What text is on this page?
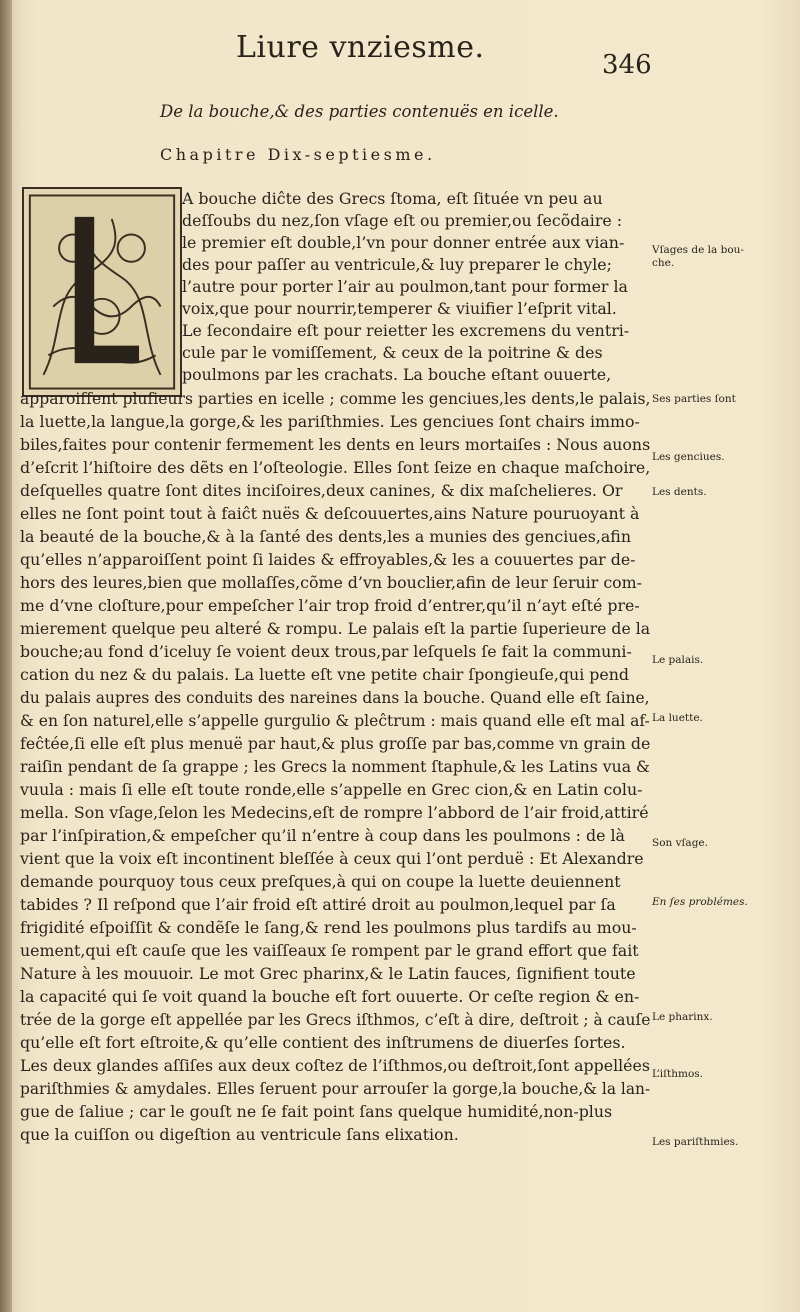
Liure vnziesme.	346
De la bouche,& des parties contenuës en icelle.
Chapitre Dix-septiesme.
A bouche diĉte des Grecs ſtoma, eſt ſituée vn peu au
deſſoubs du nez,ſon vſage eſt ou premier,ou ſecõdaire :
le premier eſt double,l’vn pour donner entrée aux vian-
des pour paſſer au ventricule,& luy preparer le chyle;
l’autre pour porter l’air au poulmon,tant pour former la
voix,que pour nourrir,temperer & viuifier l’eſprit vital.
Le ſecondaire eſt pour reietter les excremens du ventri-
cule par le vomiſſement, & ceux de la poitrine & des
poulmons par les crachats. La bouche eſtant ouuerte,
apparoiſſent pluſieurs parties en icelle ; comme les genciues,les dents,le palais,
la luette,la langue,la gorge,& les pariſthmies. Les genciues ſont chairs immo-
biles,faites pour contenir fermement les dents en leurs mortaiſes : Nous auons
d’eſcrit l’hiſtoire des dẽts en l’oſteologie. Elles ſont ſeize en chaque maſchoire,
deſquelles quatre ſont dites inciſoires,deux canines, & dix maſchelieres. Or
elles ne ſont point tout à faiĉt nuës & deſcouuertes,ains Nature pouruoyant à
la beauté de la bouche,& à la ſanté des dents,les a munies des genciues,afin
qu’elles n’apparoiſſent point ſi laides & effroyables,& les a couuertes par de-
hors des leures,bien que mollaſſes,cõme d’vn bouclier,afin de leur ſeruir com-
me d’vne cloſture,pour empeſcher l’air trop froid d’entrer,qu’il n’ayt eſté pre-
mierement quelque peu alteré & rompu. Le palais eſt la partie ſuperieure de la
bouche;au fond d’iceluy ſe voient deux trous,par leſquels ſe fait la communi-
cation du nez & du palais. La luette eſt vne petite chair ſpongieuſe,qui pend
du palais aupres des conduits des nareines dans la bouche. Quand elle eſt ſaine,
& en ſon naturel,elle s’appelle gurgulio & pleĉtrum : mais quand elle eſt mal af-
feĉtée,ſi elle eſt plus menuë par haut,& plus groſſe par bas,comme vn grain de
raiſin pendant de ſa grappe ; les Grecs la nomment ſtaphule,& les Latins vua &
vuula : mais ſi elle eſt toute ronde,elle s’appelle en Grec cion,& en Latin colu-
mella. Son vſage,ſelon les Medecins,eſt de rompre l’abbord de l’air froid,attiré
par l’inſpiration,& empeſcher qu’il n’entre à coup dans les poulmons : de là
vient que la voix eſt incontinent bleſſée à ceux qui l’ont perduë : Et Alexandre
demande pourquoy tous ceux preſques,à qui on coupe la luette deuiennent
tabides ? Il reſpond que l’air froid eſt attiré droit au poulmon,lequel par ſa
frigidité eſpoiſſit & condẽſe le ſang,& rend les poulmons plus tardifs au mou-
uement,qui eſt cauſe que les vaiſſeaux ſe rompent par le grand effort que fait
Nature à les mouuoir. Le mot Grec pharinx,& le Latin fauces, ſignifient toute
la capacité qui ſe voit quand la bouche eſt fort ouuerte. Or ceſte region & en-
trée de la gorge eſt appellée par les Grecs iſthmos, c’eſt à dire, deſtroit ; à cauſe
qu’elle eſt fort eſtroite,& qu’elle contient des inſtrumens de diuerſes ſortes.
Les deux glandes aſſiſes aux deux coſtez de l’iſthmos,ou deſtroit,ſont appellées
pariſthmies & amydales. Elles ſeruent pour arrouſer la gorge,la bouche,& la lan-
gue de ſaliue ; car le gouſt ne ſe fait point ſans quelque humidité,non-plus
que la cuiſſon ou digeſtion au ventricule ſans elixation.
Vſages de la bou-
che.
Ses parties ſont
Les genciues.
Les dents.
Le palais.
La luette.
Son vſage.
En ſes problémes.
Le pharinx.
L’iſthmos.
Les pariſthmies.
